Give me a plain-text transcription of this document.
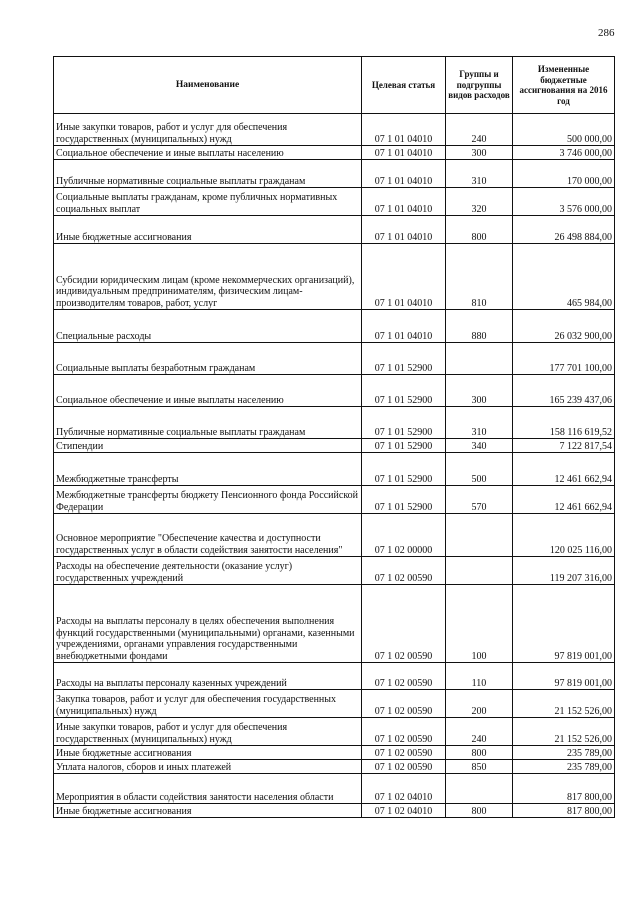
286
Наименование	Целевая статья	Группы и подгруппы видов расходов	Измененные бюджетные ассигнования на 2016 год
Иные закупки товаров, работ и услуг для обеспечения государственных (муниципальных) нужд	07 1 01 04010	240	500 000,00
Социальное обеспечение и иные выплаты населению	07 1 01 04010	300	3 746 000,00
Публичные нормативные социальные выплаты гражданам	07 1 01 04010	310	170 000,00
Социальные выплаты гражданам, кроме публичных нормативных социальных выплат	07 1 01 04010	320	3 576 000,00
Иные бюджетные ассигнования	07 1 01 04010	800	26 498 884,00
Субсидии юридическим лицам (кроме некоммерческих организаций), индивидуальным предпринимателям, физическим лицам-производителям товаров, работ, услуг	07 1 01 04010	810	465 984,00
Специальные расходы	07 1 01 04010	880	26 032 900,00
Социальные выплаты безработным гражданам	07 1 01 52900		177 701 100,00
Социальное обеспечение и иные выплаты населению	07 1 01 52900	300	165 239 437,06
Публичные нормативные социальные выплаты гражданам	07 1 01 52900	310	158 116 619,52
Стипендии	07 1 01 52900	340	7 122 817,54
Межбюджетные трансферты	07 1 01 52900	500	12 461 662,94
Межбюджетные трансферты бюджету Пенсионного фонда Российской Федерации	07 1 01 52900	570	12 461 662,94
Основное мероприятие "Обеспечение качества и доступности государственных услуг в области содействия занятости населения"	07 1 02 00000		120 025 116,00
Расходы на обеспечение деятельности (оказание услуг) государственных учреждений	07 1 02 00590		119 207 316,00
Расходы на выплаты персоналу в целях обеспечения выполнения функций государственными (муниципальными) органами, казенными учреждениями, органами управления государственными внебюджетными фондами	07 1 02 00590	100	97 819 001,00
Расходы на выплаты персоналу казенных учреждений	07 1 02 00590	110	97 819 001,00
Закупка товаров, работ и услуг для обеспечения государственных (муниципальных) нужд	07 1 02 00590	200	21 152 526,00
Иные закупки товаров, работ и услуг для обеспечения государственных (муниципальных) нужд	07 1 02 00590	240	21 152 526,00
Иные бюджетные ассигнования	07 1 02 00590	800	235 789,00
Уплата налогов, сборов и иных платежей	07 1 02 00590	850	235 789,00
Мероприятия в области содействия занятости населения области	07 1 02 04010		817 800,00
Иные бюджетные ассигнования	07 1 02 04010	800	817 800,00
